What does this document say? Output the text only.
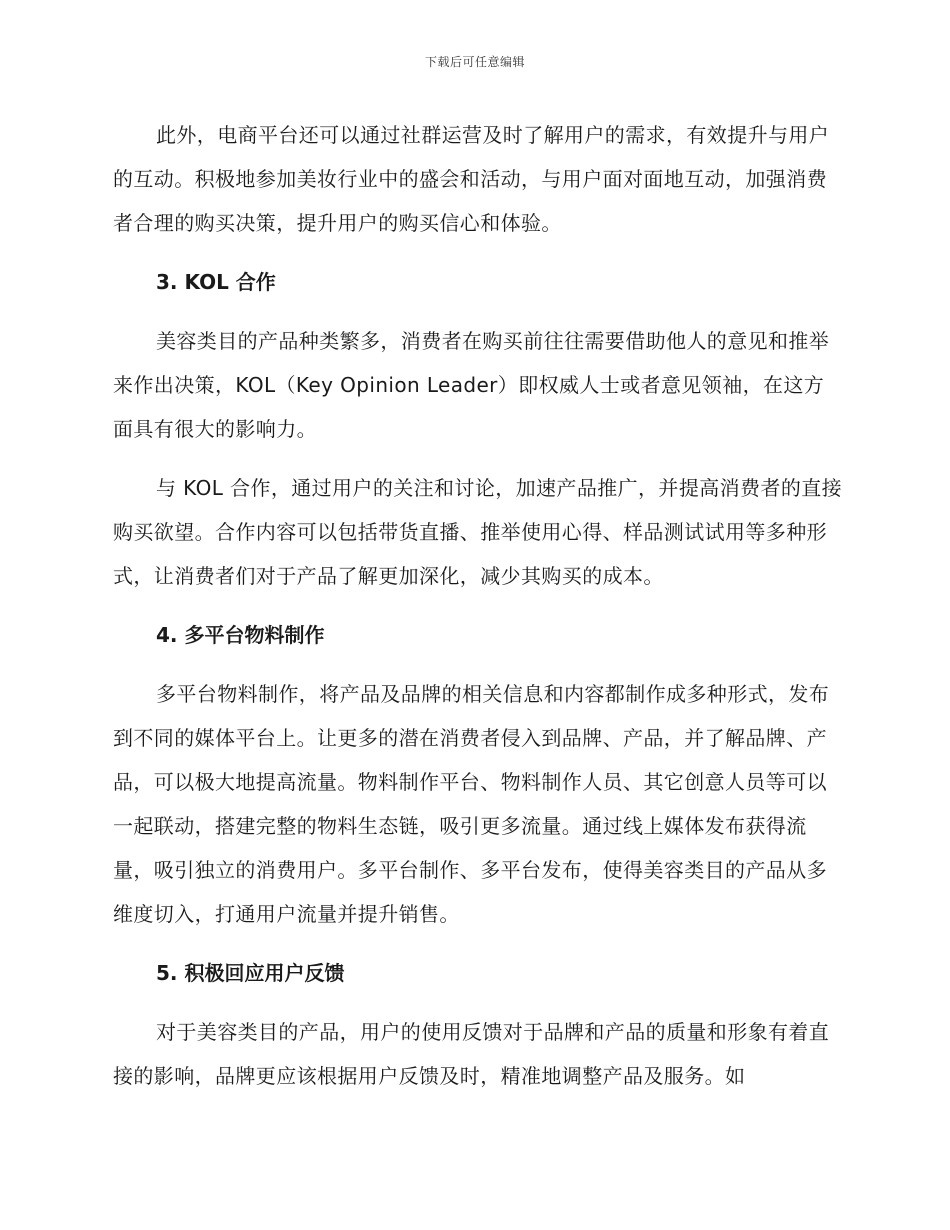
下载后可任意编辑

此外，电商平台还可以通过社群运营及时了解用户的需求，有效提升与用户的互动。积极地参加美妆行业中的盛会和活动，与用户面对面地互动，加强消费者合理的购买决策，提升用户的购买信心和体验。

3. KOL 合作

美容类目的产品种类繁多，消费者在购买前往往需要借助他人的意见和推举来作出决策，KOL（Key Opinion Leader）即权威人士或者意见领袖，在这方面具有很大的影响力。

与 KOL 合作，通过用户的关注和讨论，加速产品推广，并提高消费者的直接购买欲望。合作内容可以包括带货直播、推举使用心得、样品测试试用等多种形式，让消费者们对于产品了解更加深化，减少其购买的成本。

4. 多平台物料制作

多平台物料制作，将产品及品牌的相关信息和内容都制作成多种形式，发布到不同的媒体平台上。让更多的潜在消费者侵入到品牌、产品，并了解品牌、产品，可以极大地提高流量。物料制作平台、物料制作人员、其它创意人员等可以一起联动，搭建完整的物料生态链，吸引更多流量。通过线上媒体发布获得流量，吸引独立的消费用户。多平台制作、多平台发布，使得美容类目的产品从多维度切入，打通用户流量并提升销售。

5. 积极回应用户反馈

对于美容类目的产品，用户的使用反馈对于品牌和产品的质量和形象有着直接的影响，品牌更应该根据用户反馈及时，精准地调整产品及服务。如
